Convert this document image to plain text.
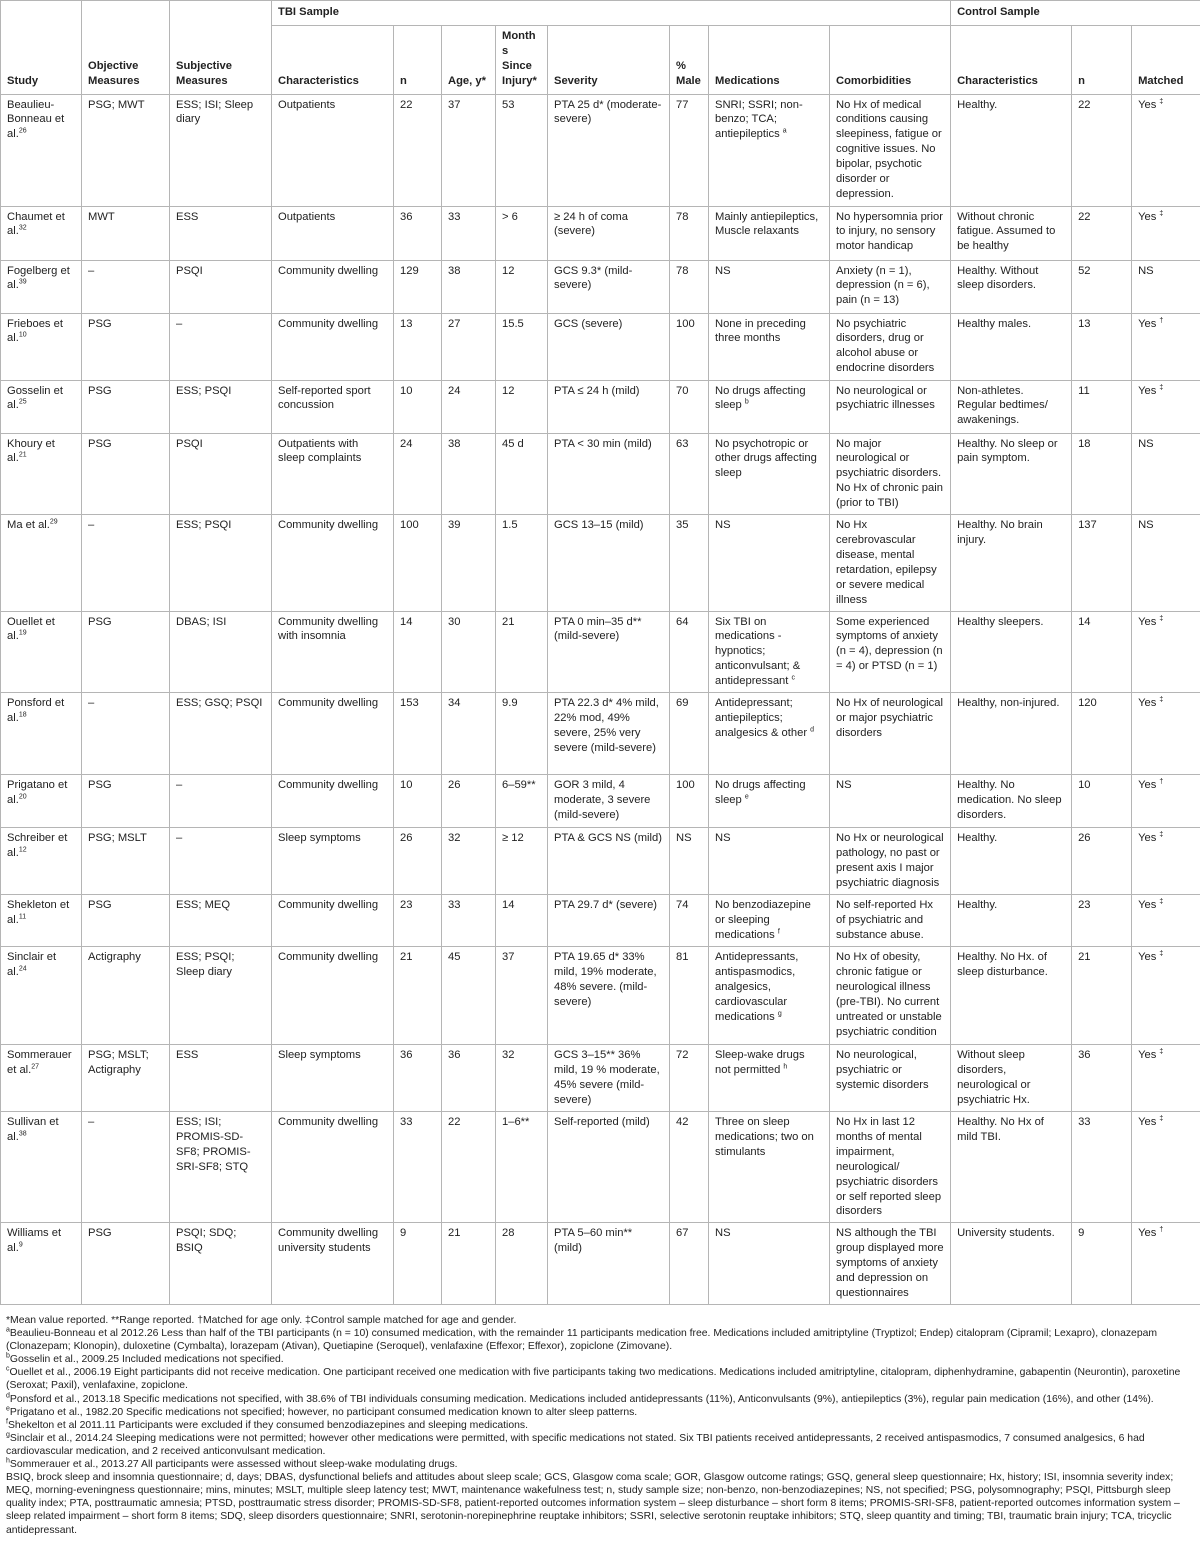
Study	Objective Measures	Subjective Measures	TBI Sample								Control Sample		
			Characteristics	n	Age, y*	Months Since Injury*	Severity	% Male	Medications	Comorbidities	Characteristics	n	Matched
Beaulieu-Bonneau et al.$^{26}$	PSG; MWT	ESS; ISI; Sleep diary	Outpatients	22	37	53	PTA 25 d* (moderate-severe)	77	SNRI; SSRI; non-benzo; TCA; antiepileptics $^a$	No Hx of medical conditions causing sleepiness, fatigue or cognitive issues. No bipolar, psychotic disorder or depression.	Healthy.	22	Yes ‡
Chaumet et al.$^{32}$	MWT	ESS	Outpatients	36	33	> 6	≥ 24 h of coma (severe)	78	Mainly antiepileptics, Muscle relaxants	No hypersomnia prior to injury, no sensory motor handicap	Without chronic fatigue. Assumed to be healthy	22	Yes ‡
Fogelberg et al.$^{39}$	–	PSQI	Community dwelling	129	38	12	GCS 9.3* (mild-severe)	78	NS	Anxiety (n = 1), depression (n = 6), pain (n = 13)	Healthy. Without sleep disorders.	52	NS
Frieboes et al.$^{10}$	PSG	–	Community dwelling	13	27	15.5	GCS (severe)	100	None in preceding three months	No psychiatric disorders, drug or alcohol abuse or endocrine disorders	Healthy males.	13	Yes †
Gosselin et al.$^{25}$	PSG	ESS; PSQI	Self-reported sport concussion	10	24	12	PTA ≤ 24 h (mild)	70	No drugs affecting sleep $^b$	No neurological or psychiatric illnesses	Non-athletes. Regular bedtimes/ awakenings.	11	Yes ‡
Khoury et al.$^{21}$	PSG	PSQI	Outpatients with sleep complaints	24	38	45 d	PTA < 30 min (mild)	63	No psychotropic or other drugs affecting sleep	No major neurological or psychiatric disorders. No Hx of chronic pain (prior to TBI)	Healthy. No sleep or pain symptom.	18	NS
Ma et al.$^{29}$	–	ESS; PSQI	Community dwelling	100	39	1.5	GCS 13–15 (mild)	35	NS	No Hx cerebrovascular disease, mental retardation, epilepsy or severe medical illness	Healthy. No brain injury.	137	NS
Ouellet et al.$^{19}$	PSG	DBAS; ISI	Community dwelling with insomnia	14	30	21	PTA 0 min–35 d** (mild-severe)	64	Six TBI on medications -hypnotics; anticonvulsant; & antidepressant $^c$	Some experienced symptoms of anxiety (n = 4), depression (n = 4) or PTSD (n = 1)	Healthy sleepers.	14	Yes ‡
Ponsford et al.$^{18}$	–	ESS; GSQ; PSQI	Community dwelling	153	34	9.9	PTA 22.3 d* 4% mild, 22% mod, 49% severe, 25% very severe (mild-severe)	69	Antidepressant; antiepileptics; analgesics & other $^d$	No Hx of neurological or major psychiatric disorders	Healthy, non-injured.	120	Yes ‡
Prigatano et al.$^{20}$	PSG	–	Community dwelling	10	26	6–59**	GOR 3 mild, 4 moderate, 3 severe (mild-severe)	100	No drugs affecting sleep $^e$	NS	Healthy. No medication. No sleep disorders.	10	Yes †
Schreiber et al.$^{12}$	PSG; MSLT	–	Sleep symptoms	26	32	≥ 12	PTA & GCS NS (mild)	NS	NS	No Hx or neurological pathology, no past or present axis I major psychiatric diagnosis	Healthy.	26	Yes ‡
Shekleton et al.$^{11}$	PSG	ESS; MEQ	Community dwelling	23	33	14	PTA 29.7 d* (severe)	74	No benzodiazepine or sleeping medications $^f$	No self-reported Hx of psychiatric and substance abuse.	Healthy.	23	Yes ‡
Sinclair et al.$^{24}$	Actigraphy	ESS; PSQI; Sleep diary	Community dwelling	21	45	37	PTA 19.65 d* 33% mild, 19% moderate, 48% severe. (mild-severe)	81	Antidepressants, antispasmodics, analgesics, cardiovascular medications $^g$	No Hx of obesity, chronic fatigue or neurological illness (pre-TBI). No current untreated or unstable psychiatric condition	Healthy. No Hx. of sleep disturbance.	21	Yes ‡
Sommerauer et al.$^{27}$	PSG; MSLT; Actigraphy	ESS	Sleep symptoms	36	36	32	GCS 3–15** 36% mild, 19 % moderate, 45% severe (mild-severe)	72	Sleep-wake drugs not permitted $^h$	No neurological, psychiatric or systemic disorders	Without sleep disorders, neurological or psychiatric Hx.	36	Yes ‡
Sullivan et al.$^{38}$	–	ESS; ISI; PROMIS-SD-SF8; PROMIS-SRI-SF8; STQ	Community dwelling	33	22	1–6**	Self-reported (mild)	42	Three on sleep medications; two on stimulants	No Hx in last 12 months of mental impairment, neurological/ psychiatric disorders or self reported sleep disorders	Healthy. No Hx of mild TBI.	33	Yes ‡
Williams et al.$^9$	PSG	PSQI; SDQ; BSIQ	Community dwelling university students	9	21	28	PTA 5–60 min** (mild)	67	NS	NS although the TBI group displayed more symptoms of anxiety and depression on questionnaires	University students.	9	Yes †

*Mean value reported. **Range reported. †Matched for age only. ‡Control sample matched for age and gender.

$^a$Beaulieu-Bonneau et al 2012.26 Less than half of the TBI participants (n = 10) consumed medication, with the remainder 11 participants medication free. Medications included amitriptyline (Tryptizol; Endep) citalopram (Cipramil; Lexapro), clonazepam (Clonazepam; Klonopin), duloxetine (Cymbalta), lorazepam (Ativan), Quetiapine (Seroquel), venlafaxine (Effexor; Effexor), zopiclone (Zimovane).

$^b$Gosselin et al., 2009.25 Included medications not specified.

$^c$Ouellet et al., 2006.19 Eight participants did not receive medication. One participant received one medication with five participants taking two medications. Medications included amitriptyline, citalopram, diphenhydramine, gabapentin (Neurontin), paroxetine (Seroxat; Paxil), venlafaxine, zopiclone.

$^d$Ponsford et al., 2013.18 Specific medications not specified, with 38.6% of TBI individuals consuming medication. Medications included antidepressants (11%), Anticonvulsants (9%), antiepileptics (3%), regular pain medication (16%), and other (14%).

$^e$Prigatano et al., 1982.20 Specific medications not specified; however, no participant consumed medication known to alter sleep patterns.

$^f$Shekelton et al 2011.11 Participants were excluded if they consumed benzodiazepines and sleeping medications.

$^g$Sinclair et al., 2014.24 Sleeping medications were not permitted; however other medications were permitted, with specific medications not stated. Six TBI patients received antidepressants, 2 received antispasmodics, 7 consumed analgesics, 6 had cardiovascular medication, and 2 received anticonvulsant medication.

$^h$Sommerauer et al., 2013.27 All participants were assessed without sleep-wake modulating drugs.

BSIQ, brock sleep and insomnia questionnaire; d, days; DBAS, dysfunctional beliefs and attitudes about sleep scale; GCS, Glasgow coma scale; GOR, Glasgow outcome ratings; GSQ, general sleep questionnaire; Hx, history; ISI, insomnia severity index; MEQ, morning-eveningness questionnaire; mins, minutes; MSLT, multiple sleep latency test; MWT, maintenance wakefulness test; n, study sample size; non-benzo, non-benzodiazepines; NS, not specified; PSG, polysomnography; PSQI, Pittsburgh sleep quality index; PTA, posttraumatic amnesia; PTSD, posttraumatic stress disorder; PROMIS-SD-SF8, patient-reported outcomes information system – sleep disturbance – short form 8 items; PROMIS-SRI-SF8, patient-reported outcomes information system – sleep related impairment – short form 8 items; SDQ, sleep disorders questionnaire; SNRI, serotonin-norepinephrine reuptake inhibitors; SSRI, selective serotonin reuptake inhibitors; STQ, sleep quantity and timing; TBI, traumatic brain injury; TCA, tricyclic antidepressant.
